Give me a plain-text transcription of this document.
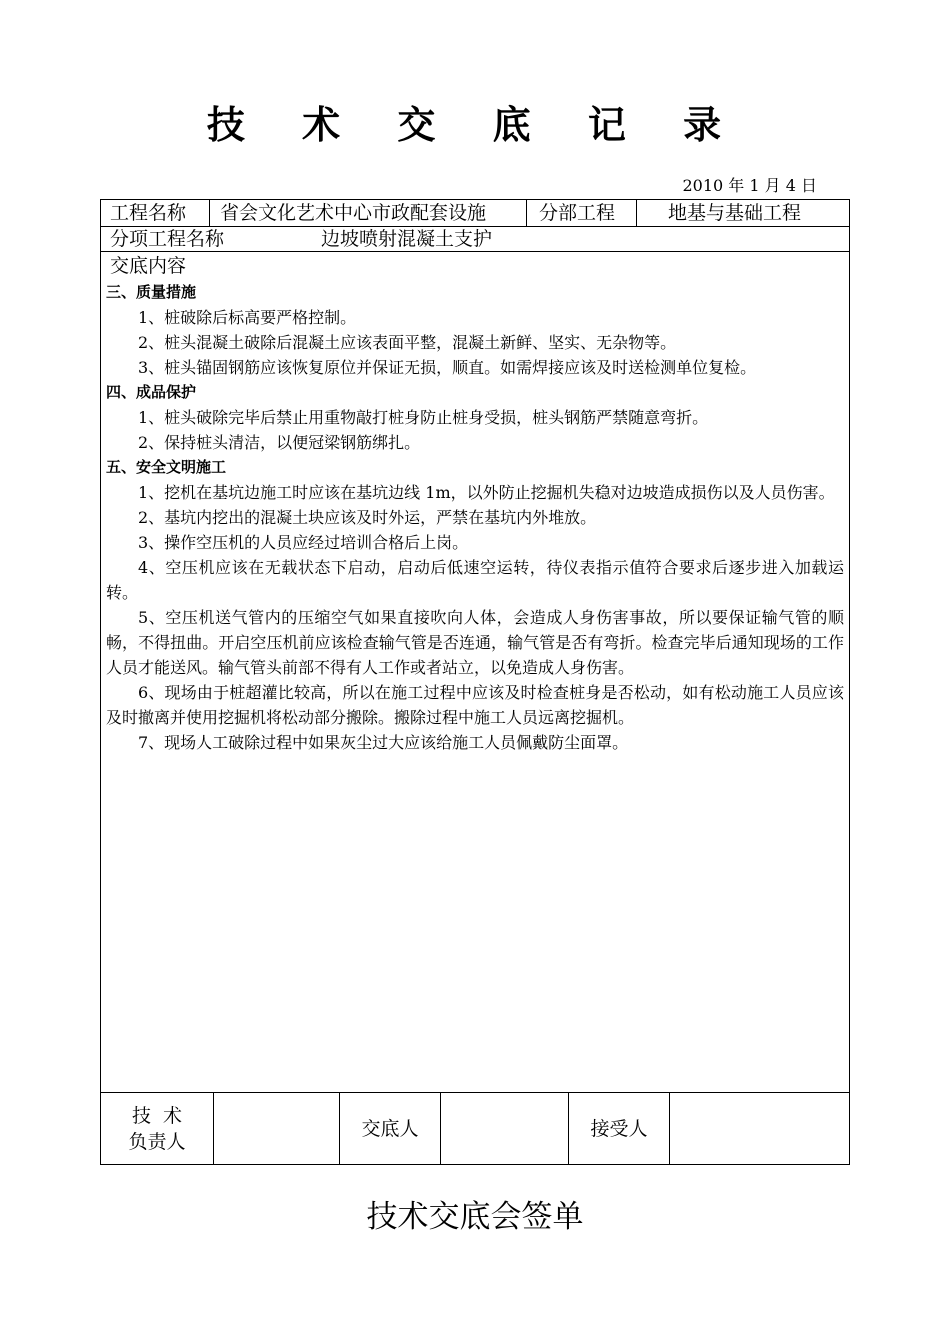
技 术 交 底 记 录
2010 年 1 月 4 日
工程名称 省会文化艺术中心市政配套设施	分部工程	地基与基础工程
分项工程名称	边坡喷射混凝土支护
交底内容
三、质量措施
1、桩破除后标高要严格控制。
2、桩头混凝土破除后混凝土应该表面平整，混凝土新鲜、坚实、无杂物等。
3、桩头锚固钢筋应该恢复原位并保证无损，顺直。如需焊接应该及时送检测单位复检。
四、成品保护
1、桩头破除完毕后禁止用重物敲打桩身防止桩身受损，桩头钢筋严禁随意弯折。
2、保持桩头清洁，以便冠梁钢筋绑扎。
五、安全文明施工
1、挖机在基坑边施工时应该在基坑边线 1m，以外防止挖掘机失稳对边坡造成损伤以及人员伤害。
2、基坑内挖出的混凝土块应该及时外运，严禁在基坑内外堆放。
3、操作空压机的人员应经过培训合格后上岗。
4、空压机应该在无载状态下启动，启动后低速空运转，待仪表指示值符合要求后逐步进入加载运转。
5、空压机送气管内的压缩空气如果直接吹向人体，会造成人身伤害事故，所以要保证输气管的顺畅，不得扭曲。开启空压机前应该检查输气管是否连通，输气管是否有弯折。检查完毕后通知现场的工作人员才能送风。输气管头前部不得有人工作或者站立，以免造成人身伤害。
6、现场由于桩超灌比较高，所以在施工过程中应该及时检查桩身是否松动，如有松动施工人员应该及时撤离并使用挖掘机将松动部分搬除。搬除过程中施工人员远离挖掘机。
7、现场人工破除过程中如果灰尘过大应该给施工人员佩戴防尘面罩。
技  术
负责人
交底人	接受人
技术交底会签单
